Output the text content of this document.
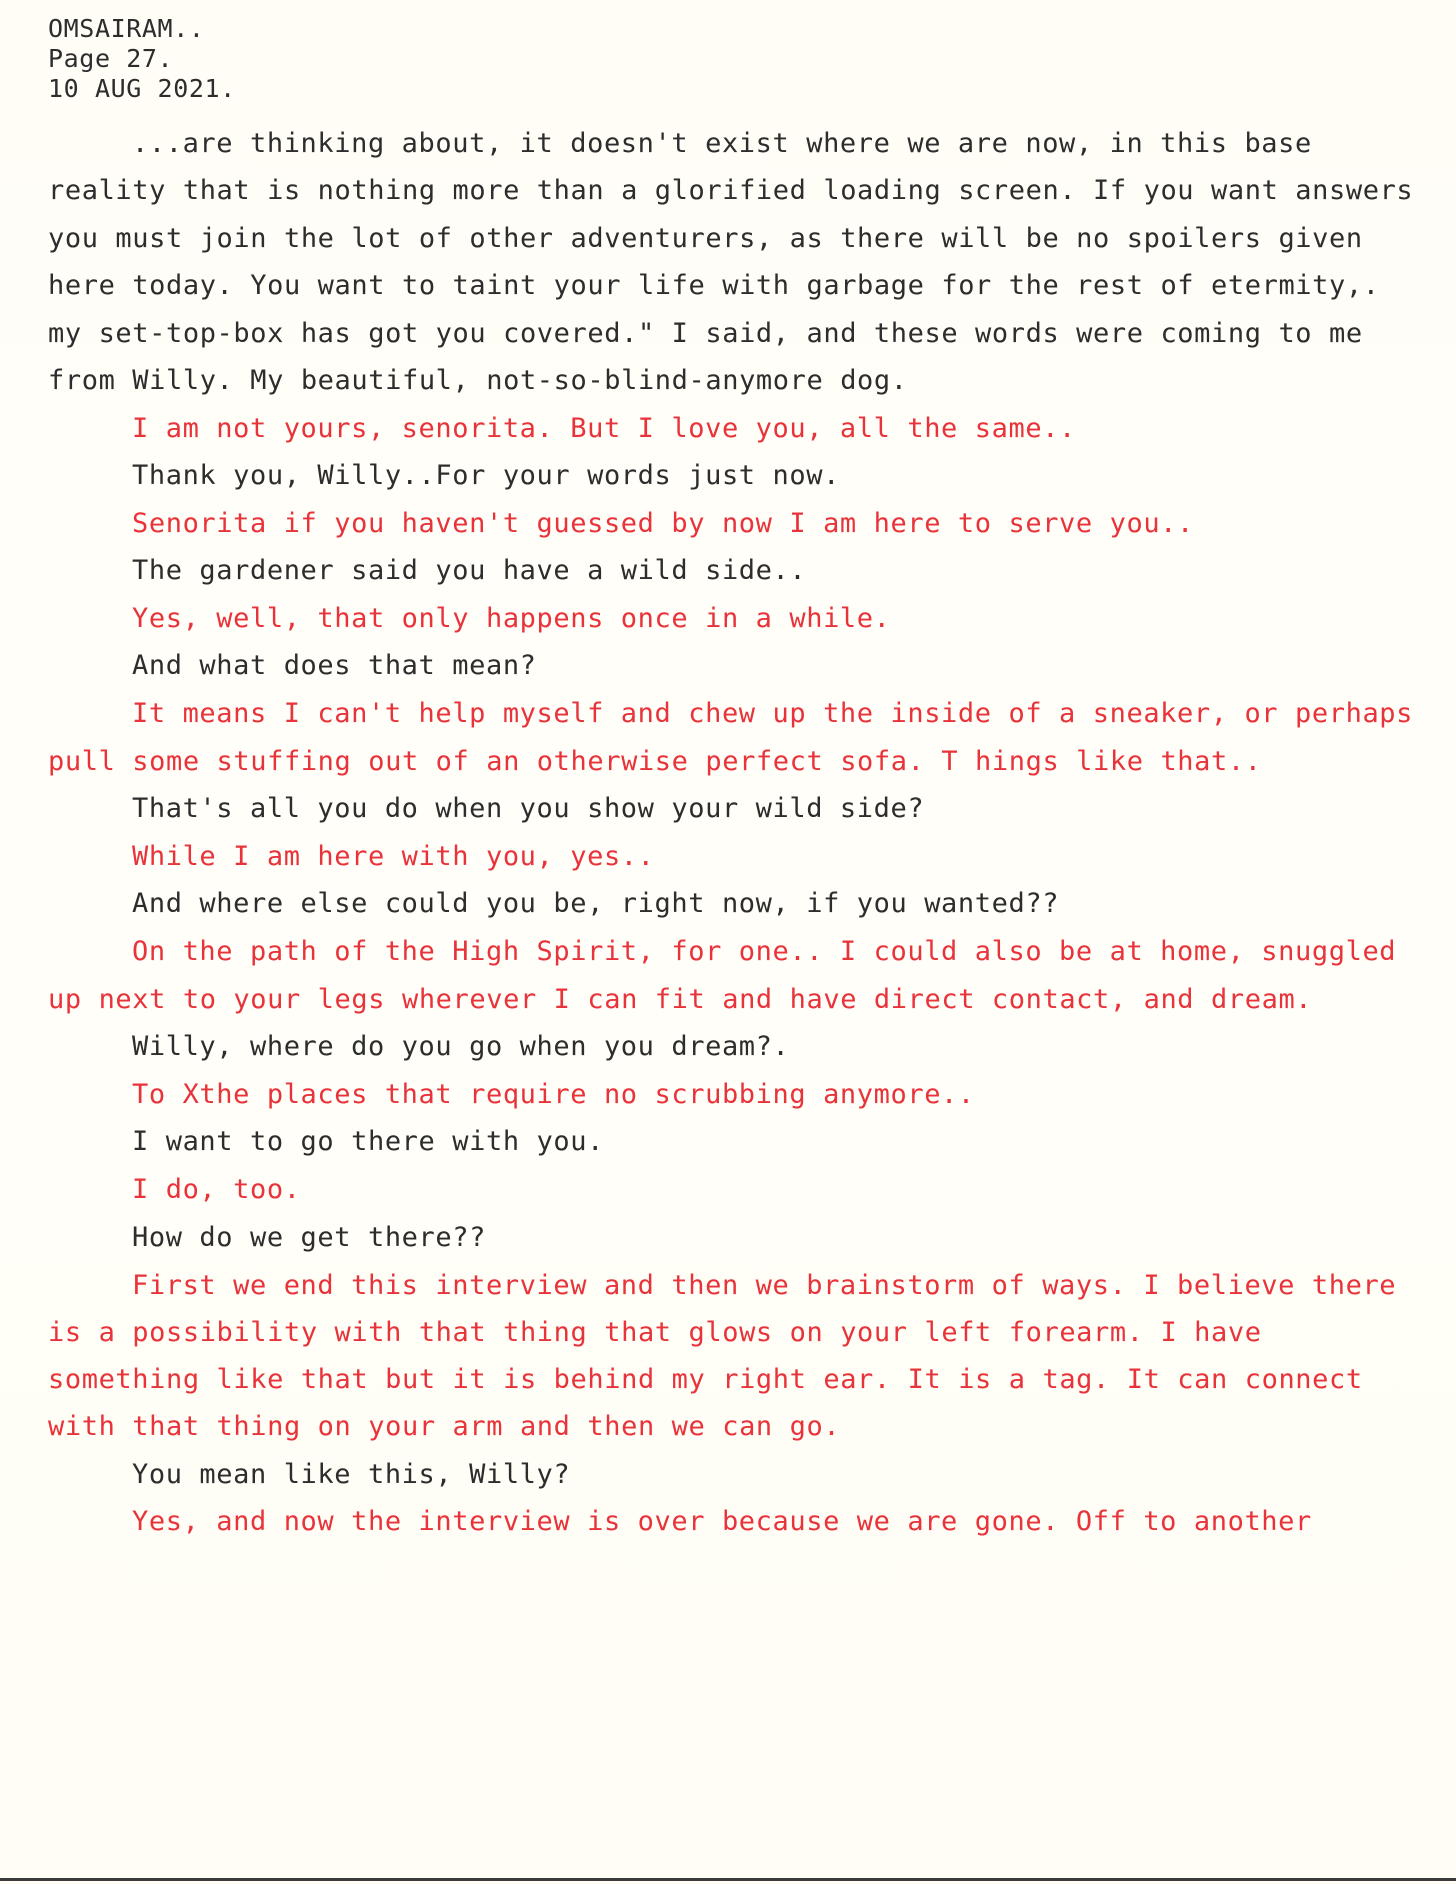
OMSAIRAM..
Page 27.
10 AUG 2021.
...are thinking about, it doesn't exist where we are now, in this base
reality that is nothing more than a glorified loading screen. If you want answers
you must join the lot of other adventurers, as there will be no spoilers given
here today. You want to taint your life with garbage for the rest of etermity,.
my set-top-box has got you covered." I said, and these words were coming to me
from Willy. My beautiful, not-so-blind-anymore dog.
I am not yours, senorita. But I love you, all the same..
Thank you, Willy..For your words just now.
Senorita if you haven't guessed by now I am here to serve you..
The gardener said you have a wild side..
Yes, well, that only happens once in a while.
And what does that mean?
It means I can't help myself and chew up the inside of a sneaker, or perhaps
pull some stuffing out of an otherwise perfect sofa. T hings like that..
That's all you do when you show your wild side?
While I am here with you, yes..
And where else could you be, right now, if you wanted??
On the path of the High Spirit, for one.. I could also be at home, snuggled
up next to your legs wherever I can fit and have direct contact, and dream.
Willy, where do you go when you dream?.
To Xthe places that require no scrubbing anymore..
I want to go there with you.
I do, too.
How do we get there??
First we end this interview and then we brainstorm of ways. I believe there
is a possibility with that thing that glows on your left forearm. I have
something like that but it is behind my right ear. It is a tag. It can connect
with that thing on your arm and then we can go.
You mean like this, Willy?
Yes, and now the interview is over because we are gone. Off to another
